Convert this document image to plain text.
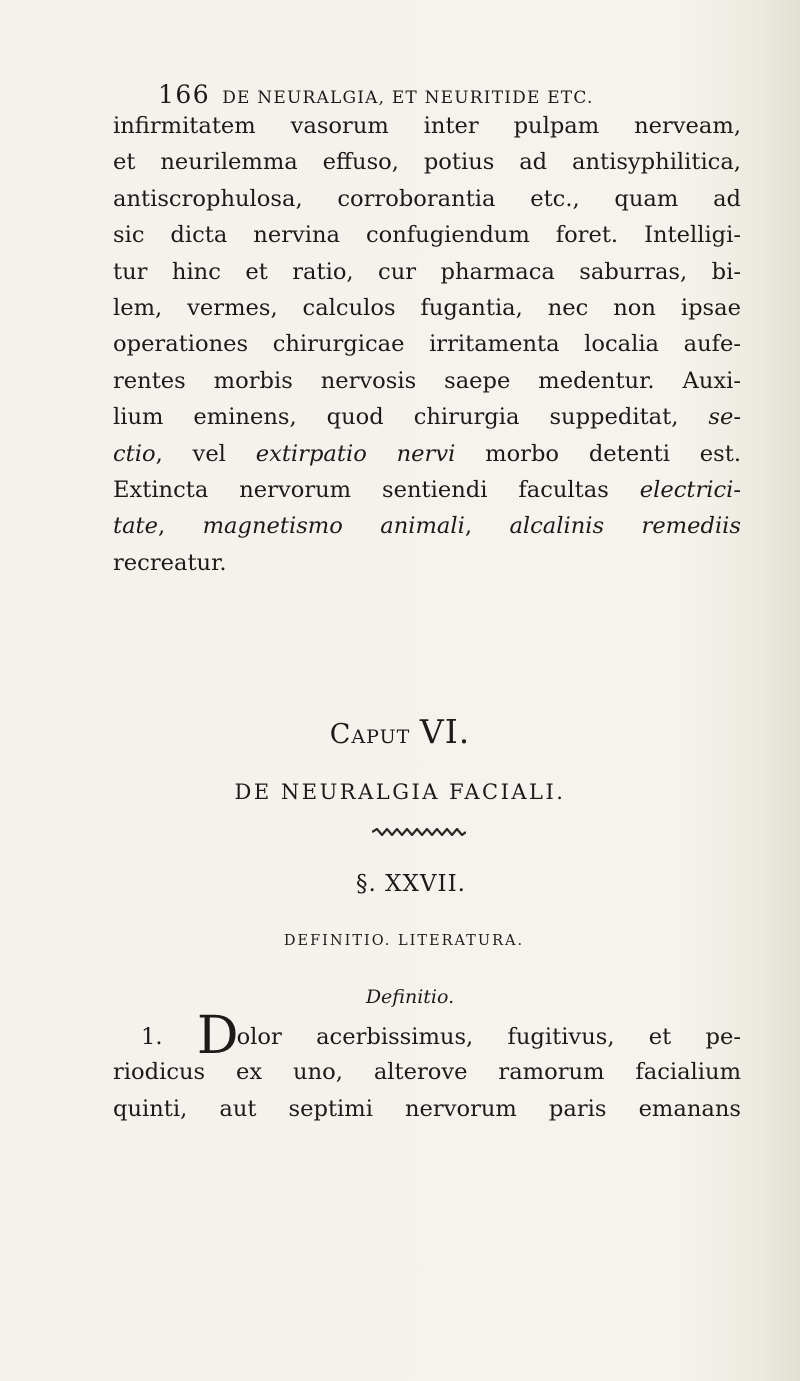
166 DE NEURALGIA, ET NEURITIDE ETC.
infirmitatem vasorum inter pulpam nerveam,
et neurilemma effuso, potius ad antisyphilitica,
antiscrophulosa, corroborantia etc., quam ad
sic dicta nervina confugiendum foret. Intelligi-
tur hinc et ratio, cur pharmaca saburras, bi-
lem, vermes, calculos fugantia, nec non ipsae
operationes chirurgicae irritamenta localia aufe-
rentes morbis nervosis saepe medentur. Auxi-
lium eminens, quod chirurgia suppeditat, se-
ctio, vel extirpatio nervi morbo detenti est.
Extincta nervorum sentiendi facultas electrici-
tate, magnetismo animali, alcalinis remediis
recreatur.
Caput VI.
DE NEURALGIA FACIALI.
§. XXVII.
DEFINITIO. LITERATURA.
Definitio.
1. Dolor acerbissimus, fugitivus, et pe-
riodicus ex uno, alterove ramorum facialium
quinti, aut septimi nervorum paris emanans
